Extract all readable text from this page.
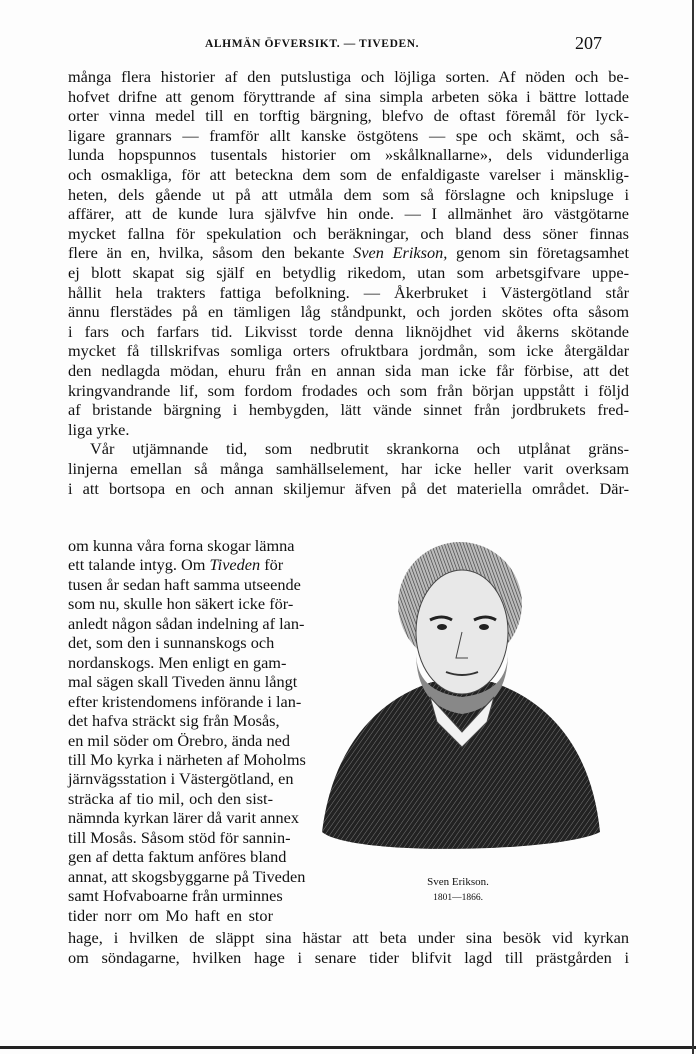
ALHMÄN ÖFVERSIKT. — TIVEDEN.	207
många flera historier af den putslustiga och löjliga sorten. Af nöden och be-
hofvet drifne att genom föryttrande af sina simpla arbeten söka i bättre lottade
orter vinna medel till en torftig bärgning, blefvo de oftast föremål för lyck-
ligare grannars — framför allt kanske östgötens — spe och skämt, och så-
lunda hopspunnos tusentals historier om »skålknallarne», dels vidunderliga
och osmakliga, för att beteckna dem som de enfaldigaste varelser i mänsklig-
heten, dels gående ut på att utmåla dem som så förslagne och knipsluge i
affärer, att de kunde lura självfve hin onde. — I allmänhet äro västgötarne
mycket fallna för spekulation och beräkningar, och bland dess söner finnas
flere än en, hvilka, såsom den bekante Sven Erikson, genom sin företagsamhet
ej blott skapat sig själf en betydlig rikedom, utan som arbetsgifvare uppe-
hållit hela trakters fattiga befolkning. — Åkerbruket i Västergötland står
ännu flerstädes på en tämligen låg ståndpunkt, och jorden skötes ofta såsom
i fars och farfars tid. Likvisst torde denna liknöjdhet vid åkerns skötande
mycket få tillskrifvas somliga orters ofruktbara jordmån, som icke återgäldar
den nedlagda mödan, ehuru från en annan sida man icke får förbise, att det
kringvandrande lif, som fordom frodades och som från början uppstått i följd
af bristande bärgning i hembygden, lätt vände sinnet från jordbrukets fred-
liga yrke.
Vår utjämnande tid, som nedbrutit skrankorna och utplånat gräns-
linjerna emellan så många samhällselement, har icke heller varit overksam
i att bortsopa en och annan skiljemur äfven på det materiella området. Där-
om kunna våra forna skogar lämna
ett talande intyg. Om Tiveden för
tusen år sedan haft samma utseende
som nu, skulle hon säkert icke för-
anledt någon sådan indelning af lan-
det, som den i sunnanskogs och
nordanskogs. Men enligt en gam-
mal sägen skall Tiveden ännu långt
efter kristendomens införande i lan-
det hafva sträckt sig från Mosås,
en mil söder om Örebro, ända ned
till Mo kyrka i närheten af Moholms
järnvägsstation i Västergötland, en
sträcka af tio mil, och den sist-
nämnda kyrkan lärer då varit annex
till Mosås. Såsom stöd för sannin-
gen af detta faktum anföres bland
annat, att skogsbyggarne på Tiveden
samt Hofvaboarne från urminnes
tider norr om Mo haft en stor
hage, i hvilken de släppt sina hästar att beta under sina besök vid kyrkan
om söndagarne, hvilken hage i senare tider blifvit lagd till prästgården i
Sven Erikson.
1801—1866.
